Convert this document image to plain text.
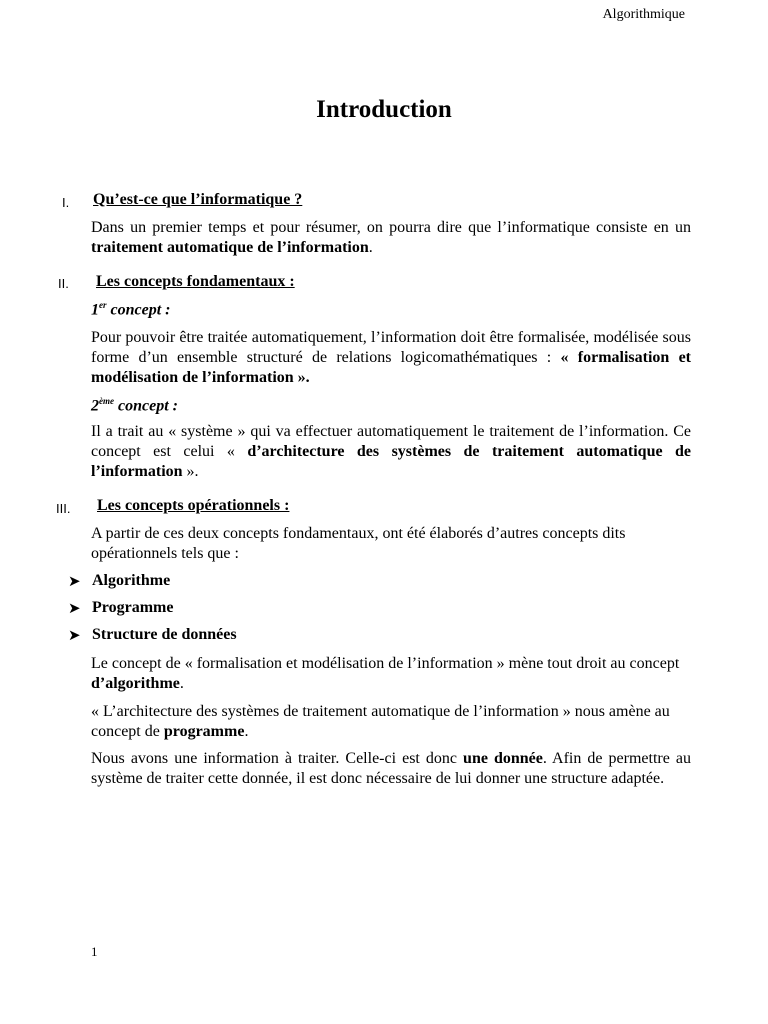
Algorithmique
Introduction
I. Qu’est-ce que l’informatique ?
Dans un premier temps et pour résumer, on pourra dire que l’informatique consiste en un traitement automatique de l’information.
II. Les concepts fondamentaux :
1er concept :
Pour pouvoir être traitée automatiquement, l’information doit être formalisée, modélisée sous forme d’un ensemble structuré de relations logicomathématiques : « formalisation et modélisation de l’information ».
2ème concept :
Il a trait au « système » qui va effectuer automatiquement le traitement de l’information. Ce concept est celui « d’architecture des systèmes de traitement automatique de l’information ».
III. Les concepts opérationnels :
A partir de ces deux concepts fondamentaux, ont été élaborés d’autres concepts dits opérationnels tels que :
➤ Algorithme
➤ Programme
➤ Structure de données
Le concept de « formalisation et modélisation de l’information » mène tout droit au concept d’algorithme.
« L’architecture des systèmes de traitement automatique de l’information » nous amène au concept de programme.
Nous avons une information à traiter. Celle-ci est donc une donnée. Afin de permettre au système de traiter cette donnée, il est donc nécessaire de lui donner une structure adaptée.
1
